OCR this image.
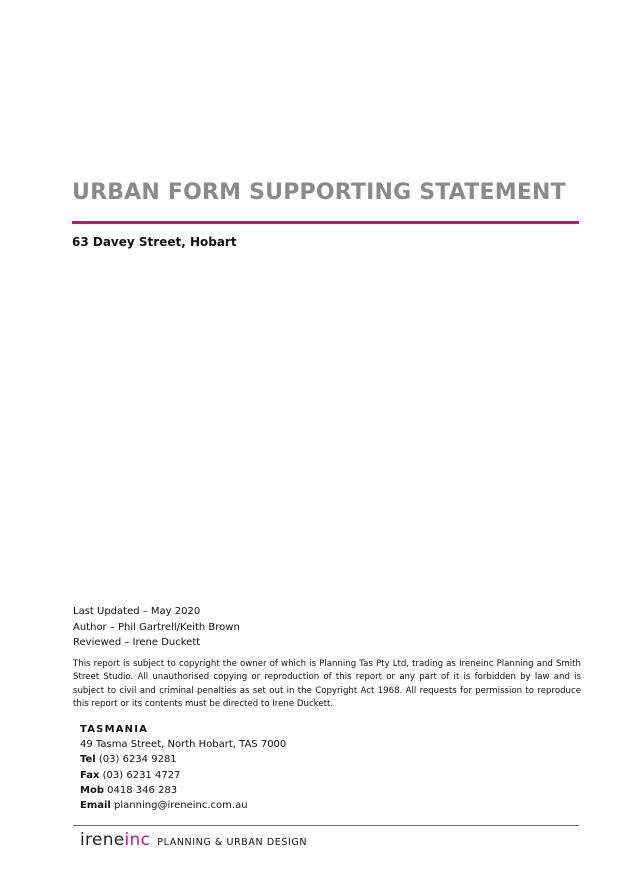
URBAN FORM SUPPORTING STATEMENT
63 Davey Street, Hobart
Last Updated – May 2020
Author – Phil Gartrell/Keith Brown
Reviewed – Irene Duckett
This report is subject to copyright the owner of which is Planning Tas Pty Ltd, trading as Ireneinc Planning and Smith Street Studio. All unauthorised copying or reproduction of this report or any part of it is forbidden by law and is subject to civil and criminal penalties as set out in the Copyright Act 1968. All requests for permission to reproduce this report or its contents must be directed to Irene Duckett.
TASMANIA
49 Tasma Street, North Hobart, TAS 7000
Tel (03) 6234 9281
Fax (03) 6231 4727
Mob 0418 346 283
Email planning@ireneinc.com.au
ireneinc PLANNING & URBAN DESIGN
